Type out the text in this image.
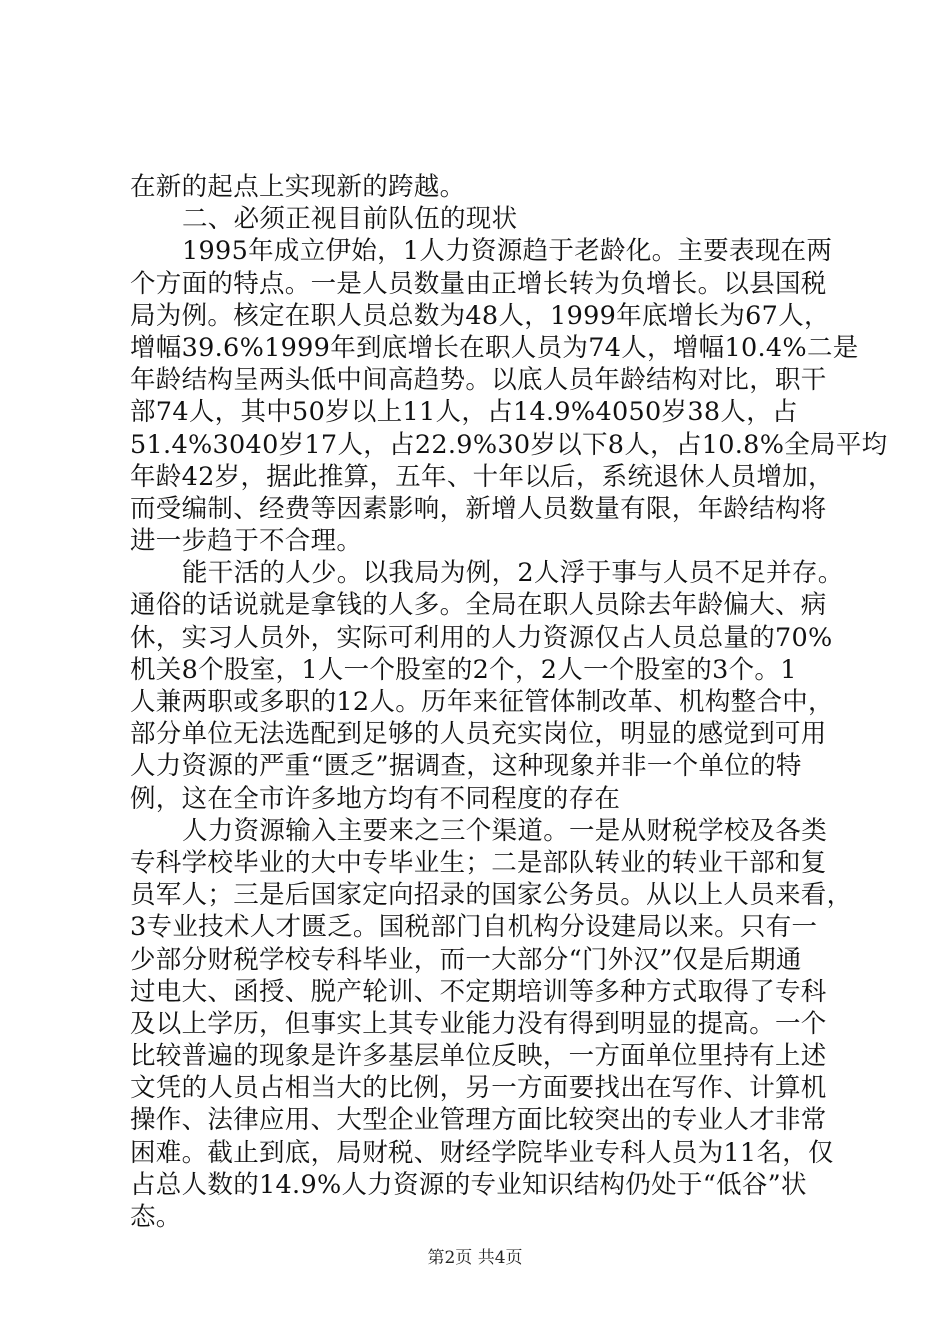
在新的起点上实现新的跨越。
二、必须正视目前队伍的现状
1995年成立伊始，1人力资源趋于老龄化。主要表现在两
个方面的特点。一是人员数量由正增长转为负增长。以县国税
局为例。核定在职人员总数为48人，1999年底增长为67人，
增幅39.6%1999年到底增长在职人员为74人，增幅10.4%二是
年龄结构呈两头低中间高趋势。以底人员年龄结构对比，职干
部74人，其中50岁以上11人，占14.9%4050岁38人，占
51.4%3040岁17人，占22.9%30岁以下8人，占10.8%全局平均
年龄42岁，据此推算，五年、十年以后，系统退休人员增加，
而受编制、经费等因素影响，新增人员数量有限，年龄结构将
进一步趋于不合理。
能干活的人少。以我局为例，2人浮于事与人员不足并存。
通俗的话说就是拿钱的人多。全局在职人员除去年龄偏大、病
休，实习人员外，实际可利用的人力资源仅占人员总量的70%
机关8个股室，1人一个股室的2个，2人一个股室的3个。1
人兼两职或多职的12人。历年来征管体制改革、机构整合中，
部分单位无法选配到足够的人员充实岗位，明显的感觉到可用
人力资源的严重“匮乏”据调查，这种现象并非一个单位的特
例，这在全市许多地方均有不同程度的存在
人力资源输入主要来之三个渠道。一是从财税学校及各类
专科学校毕业的大中专毕业生；二是部队转业的转业干部和复
员军人；三是后国家定向招录的国家公务员。从以上人员来看，
3专业技术人才匮乏。国税部门自机构分设建局以来。只有一
少部分财税学校专科毕业，而一大部分“门外汉”仅是后期通
过电大、函授、脱产轮训、不定期培训等多种方式取得了专科
及以上学历，但事实上其专业能力没有得到明显的提高。一个
比较普遍的现象是许多基层单位反映，一方面单位里持有上述
文凭的人员占相当大的比例，另一方面要找出在写作、计算机
操作、法律应用、大型企业管理方面比较突出的专业人才非常
困难。截止到底，局财税、财经学院毕业专科人员为11名，仅
占总人数的14.9%人力资源的专业知识结构仍处于“低谷”状
态。
第2页 共4页
